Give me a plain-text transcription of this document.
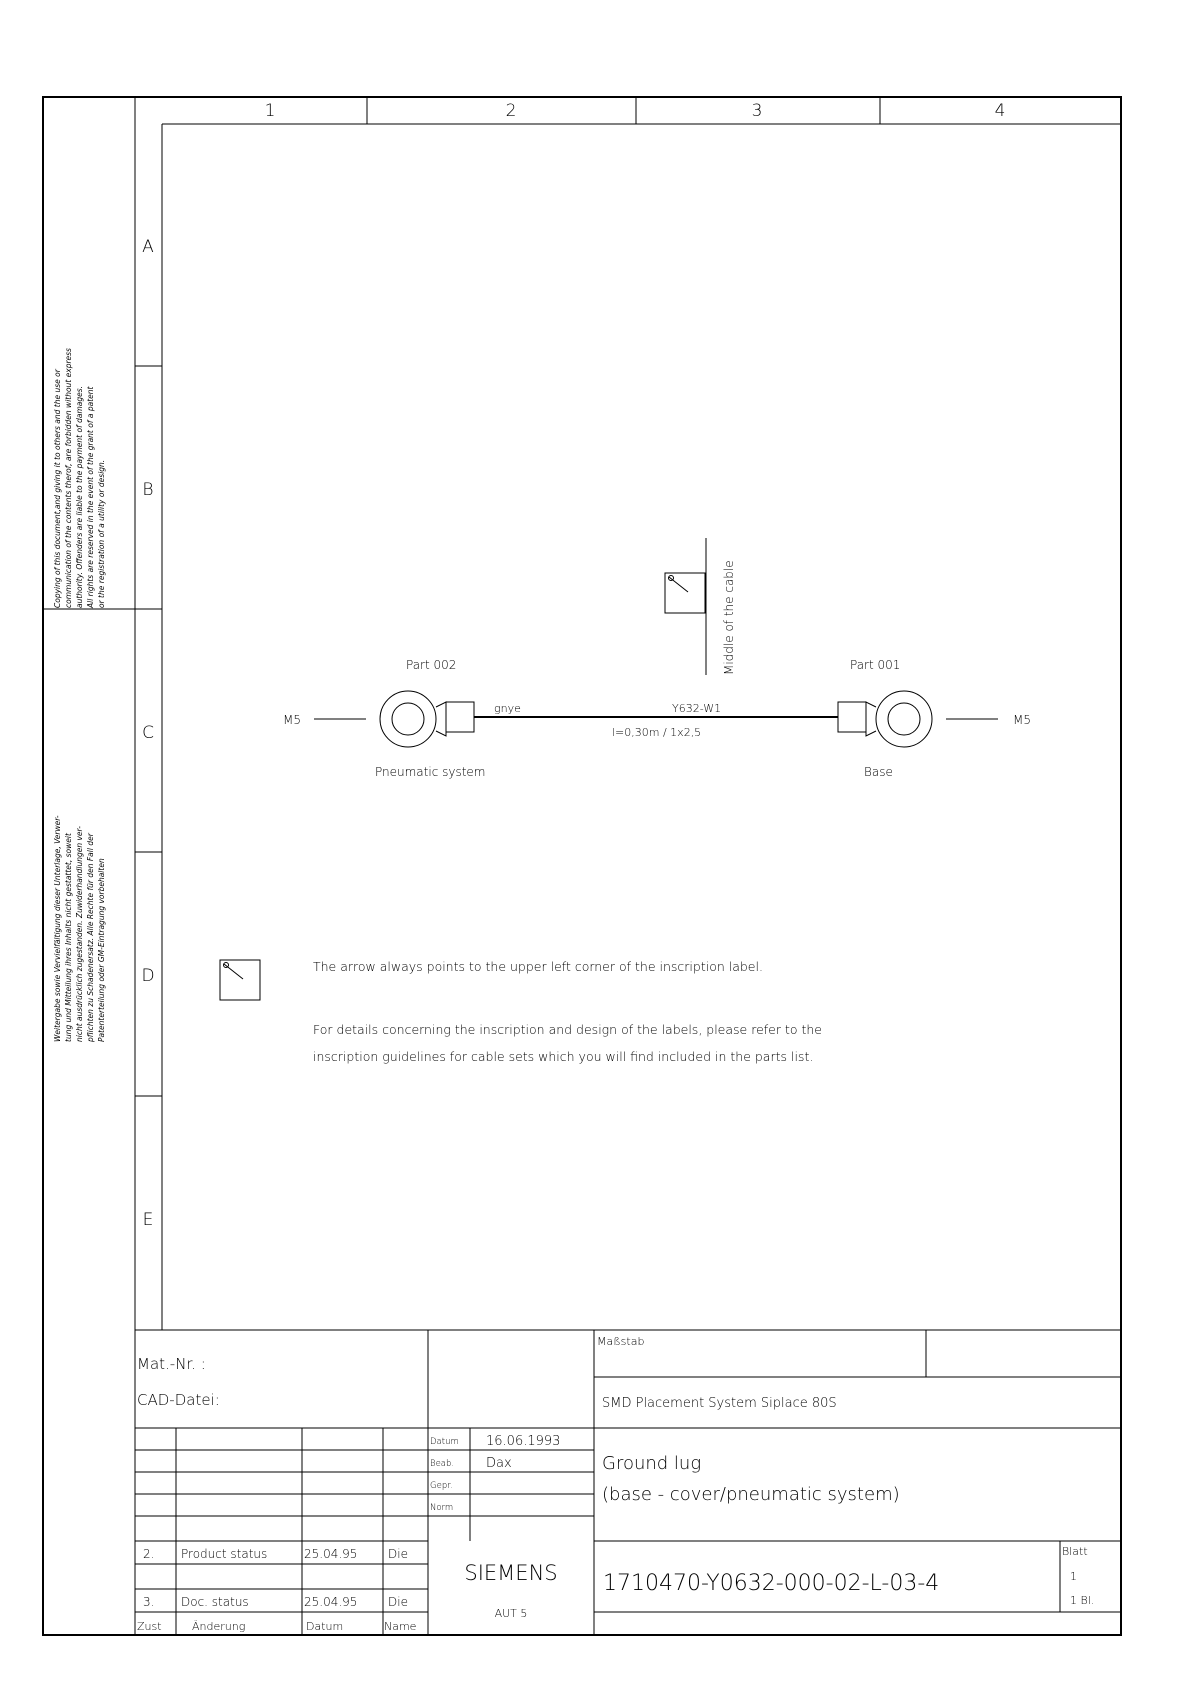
1	2	3	4
A
B
C
D
E
Copying of this document,and giving it to others and the use or communication of the contents therof, are forbidden without express authority. Offenders are liable to the payment of damages. All rights are reserved in the event of the grant of a patent or the registration of a utility or design.
Weitergabe sowie Vervielfältigung dieser Unterlage, Verwer- tung und Mitteilung ihres Inhalts nicht gestattet, soweit nicht ausdrücklich zugestanden. Zuwiderhandlungen ver- pflichten zu Schadenersatz. Alle Rechte für den Fall der Patenterteilung oder GM-Eintragung vorbehalten
Middle of the cable
M5	M5
Part 002	Part 001
gnye	Y632-W1
l=0,30m / 1x2,5
Pneumatic system	Base
The arrow always points to the upper left corner of the inscription label.
For details concerning the inscription and design of the labels, please refer to the
inscription guidelines for cable sets which you will find included in the parts list.
Mat.-Nr. :
CAD-Datei:
Maßstab
SMD Placement System Siplace 80S
Datum 16.06.1993
Beab. Dax
Gepr.
Norm
Ground lug
(base - cover/pneumatic system)
SIEMENS
AUT 5
1710470-Y0632-000-02-L-03-4
Blatt
1
1 Bl.
2. Product status	25.04.95	Die
3. Doc. status	25.04.95	Die
Zust	Änderung	Datum	Name
